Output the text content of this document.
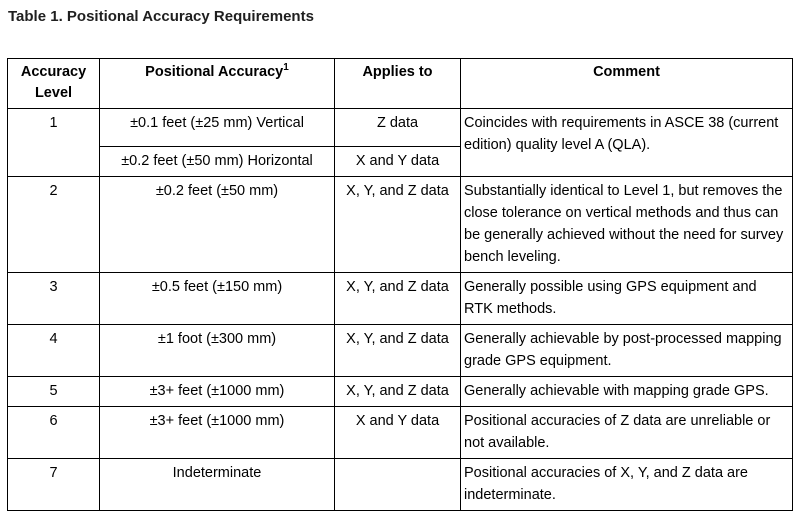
Table 1. Positional Accuracy Requirements
Accuracy Level	Positional Accuracy$^1$	Applies to	Comment
1	±0.1 feet (±25 mm) Vertical	Z data	Coincides with requirements in ASCE 38 (current edition) quality level A (QLA).
	±0.2 feet (±50 mm) Horizontal	X and Y data	
2	±0.2 feet (±50 mm)	X, Y, and Z data	Substantially identical to Level 1, but removes the close tolerance on vertical methods and thus can be generally achieved without the need for survey bench leveling.
3	±0.5 feet (±150 mm)	X, Y, and Z data	Generally possible using GPS equipment and RTK methods.
4	±1 foot (±300 mm)	X, Y, and Z data	Generally achievable by post-processed mapping grade GPS equipment.
5	±3+ feet (±1000 mm)	X, Y, and Z data	Generally achievable with mapping grade GPS.
6	±3+ feet (±1000 mm)	X and Y data	Positional accuracies of Z data are unreliable or not available.
7	Indeterminate		Positional accuracies of X, Y, and Z data are indeterminate.
